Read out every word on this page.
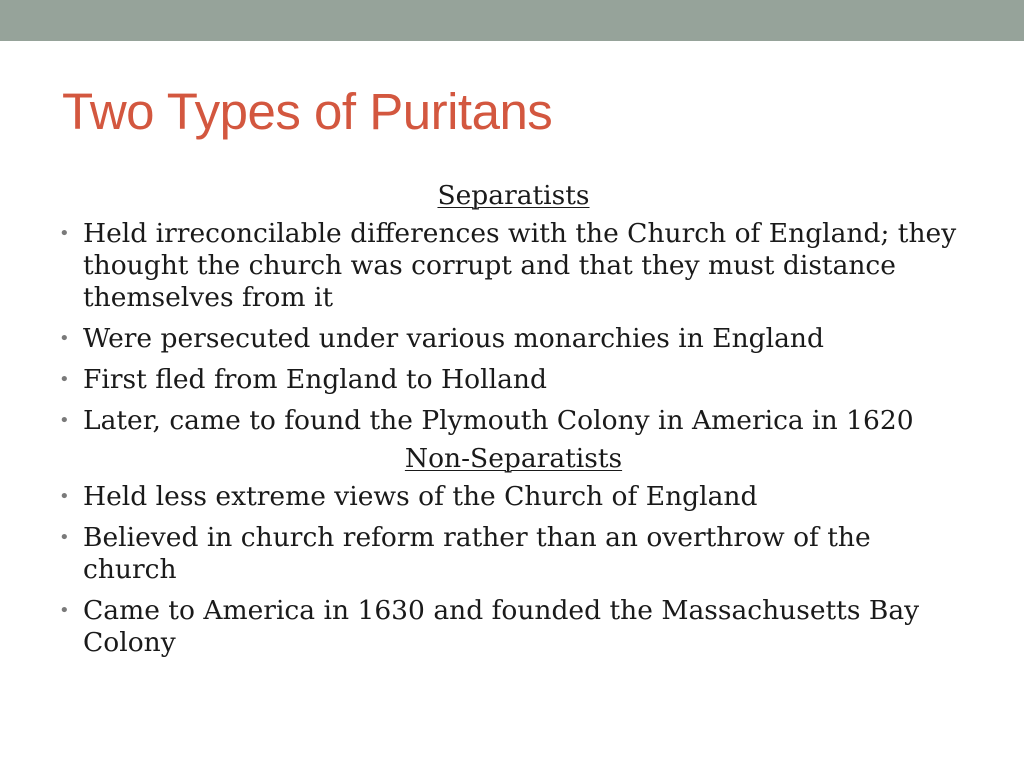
Two Types of Puritans
Separatists
• Held irreconcilable differences with the Church of England; they thought the church was corrupt and that they must distance themselves from it
• Were persecuted under various monarchies in England
• First fled from England to Holland
• Later, came to found the Plymouth Colony in America in 1620
Non-Separatists
• Held less extreme views of the Church of England
• Believed in church reform rather than an overthrow of the church
• Came to America in 1630 and founded the Massachusetts Bay Colony
